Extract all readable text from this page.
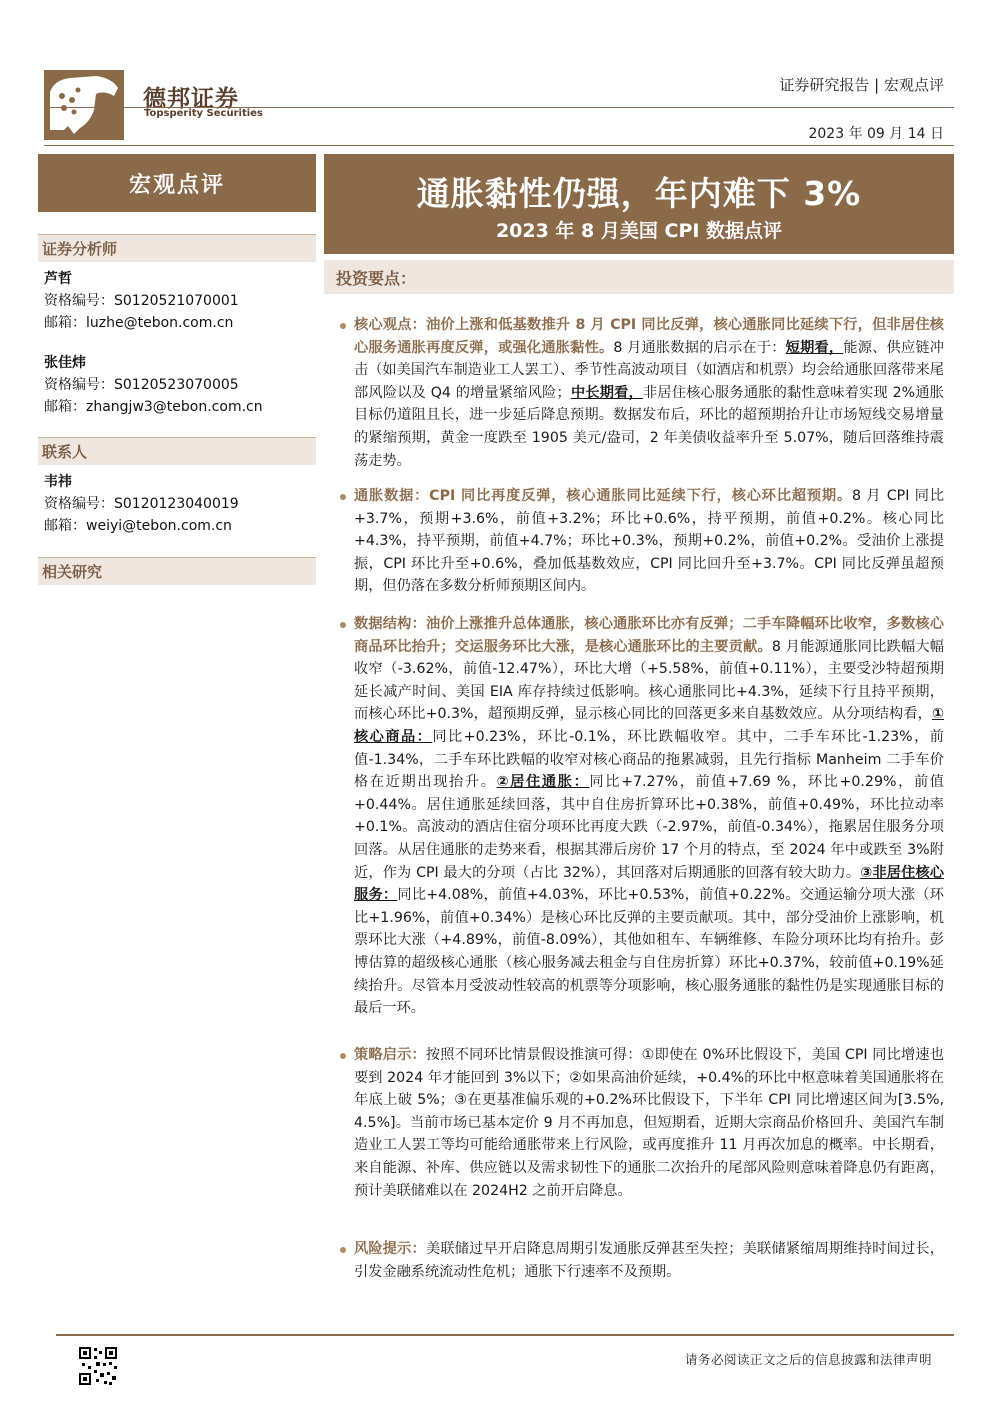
德邦证券
Topsperity Securities
证券研究报告 | 宏观点评
2023 年 09 月 14 日
宏观点评
证券分析师
芦哲
资格编号：S0120521070001
邮箱：luzhe@tebon.com.cn
张佳炜
资格编号：S0120523070005
邮箱：zhangjw3@tebon.com.cn
联系人
韦祎
资格编号：S0120123040019
邮箱：weiyi@tebon.com.cn
相关研究
通胀黏性仍强，年内难下 3%
2023 年 8 月美国 CPI 数据点评
投资要点：
核心观点：油价上涨和低基数推升 8 月 CPI 同比反弹，核心通胀同比延续下行，但非居住核心服务通胀再度反弹，或强化通胀黏性。8 月通胀数据的启示在于：短期看，能源、供应链冲击（如美国汽车制造业工人罢工）、季节性高波动项目（如酒店和机票）均会给通胀回落带来尾部风险以及 Q4 的增量紧缩风险；中长期看，非居住核心服务通胀的黏性意味着实现 2%通胀目标仍道阻且长，进一步延后降息预期。数据发布后，环比的超预期抬升让市场短线交易增量的紧缩预期，黄金一度跌至 1905 美元/盎司，2 年美债收益率升至 5.07%，随后回落维持震荡走势。
通胀数据：CPI 同比再度反弹，核心通胀同比延续下行，核心环比超预期。8 月 CPI 同比+3.7%，预期+3.6%，前值+3.2%；环比+0.6%，持平预期，前值+0.2%。核心同比+4.3%，持平预期，前值+4.7%；环比+0.3%，预期+0.2%，前值+0.2%。受油价上涨提振，CPI 环比升至+0.6%，叠加低基数效应，CPI 同比回升至+3.7%。CPI 同比反弹虽超预期，但仍落在多数分析师预期区间内。
数据结构：油价上涨推升总体通胀，核心通胀环比亦有反弹；二手车降幅环比收窄，多数核心商品环比抬升；交运服务环比大涨，是核心通胀环比的主要贡献。8 月能源通胀同比跌幅大幅收窄（-3.62%，前值-12.47%），环比大增（+5.58%，前值+0.11%），主要受沙特超预期延长减产时间、美国 EIA 库存持续过低影响。核心通胀同比+4.3%，延续下行且持平预期，而核心环比+0.3%，超预期反弹，显示核心同比的回落更多来自基数效应。从分项结构看，①核心商品：同比+0.23%，环比-0.1%，环比跌幅收窄。其中，二手车环比-1.23%，前值-1.34%，二手车环比跌幅的收窄对核心商品的拖累减弱，且先行指标 Manheim 二手车价格在近期出现抬升。②居住通胀：同比+7.27%，前值+7.69 %，环比+0.29%，前值+0.44%。居住通胀延续回落，其中自住房折算环比+0.38%，前值+0.49%，环比拉动率+0.1%。高波动的酒店住宿分项环比再度大跌（-2.97%，前值-0.34%），拖累居住服务分项回落。从居住通胀的走势来看，根据其滞后房价 17 个月的特点，至 2024 年中或跌至 3%附近，作为 CPI 最大的分项（占比 32%），其回落对后期通胀的回落有较大助力。③非居住核心服务：同比+4.08%，前值+4.03%，环比+0.53%，前值+0.22%。交通运输分项大涨（环比+1.96%，前值+0.34%）是核心环比反弹的主要贡献项。其中，部分受油价上涨影响，机票环比大涨（+4.89%，前值-8.09%），其他如租车、车辆维修、车险分项环比均有抬升。彭博估算的超级核心通胀（核心服务减去租金与自住房折算）环比+0.37%，较前值+0.19%延续抬升。尽管本月受波动性较高的机票等分项影响，核心服务通胀的黏性仍是实现通胀目标的最后一环。
策略启示：按照不同环比情景假设推演可得：①即使在 0%环比假设下，美国 CPI 同比增速也要到 2024 年才能回到 3%以下；②如果高油价延续，+0.4%的环比中枢意味着美国通胀将在年底上破 5%；③在更基准偏乐观的+0.2%环比假设下，下半年 CPI 同比增速区间为[3.5%, 4.5%]。当前市场已基本定价 9 月不再加息，但短期看，近期大宗商品价格回升、美国汽车制造业工人罢工等均可能给通胀带来上行风险，或再度推升 11 月再次加息的概率。中长期看，来自能源、补库、供应链以及需求韧性下的通胀二次抬升的尾部风险则意味着降息仍有距离，预计美联储难以在 2024H2 之前开启降息。
风险提示：美联储过早开启降息周期引发通胀反弹甚至失控；美联储紧缩周期维持时间过长，引发金融系统流动性危机；通胀下行速率不及预期。
请务必阅读正文之后的信息披露和法律声明
